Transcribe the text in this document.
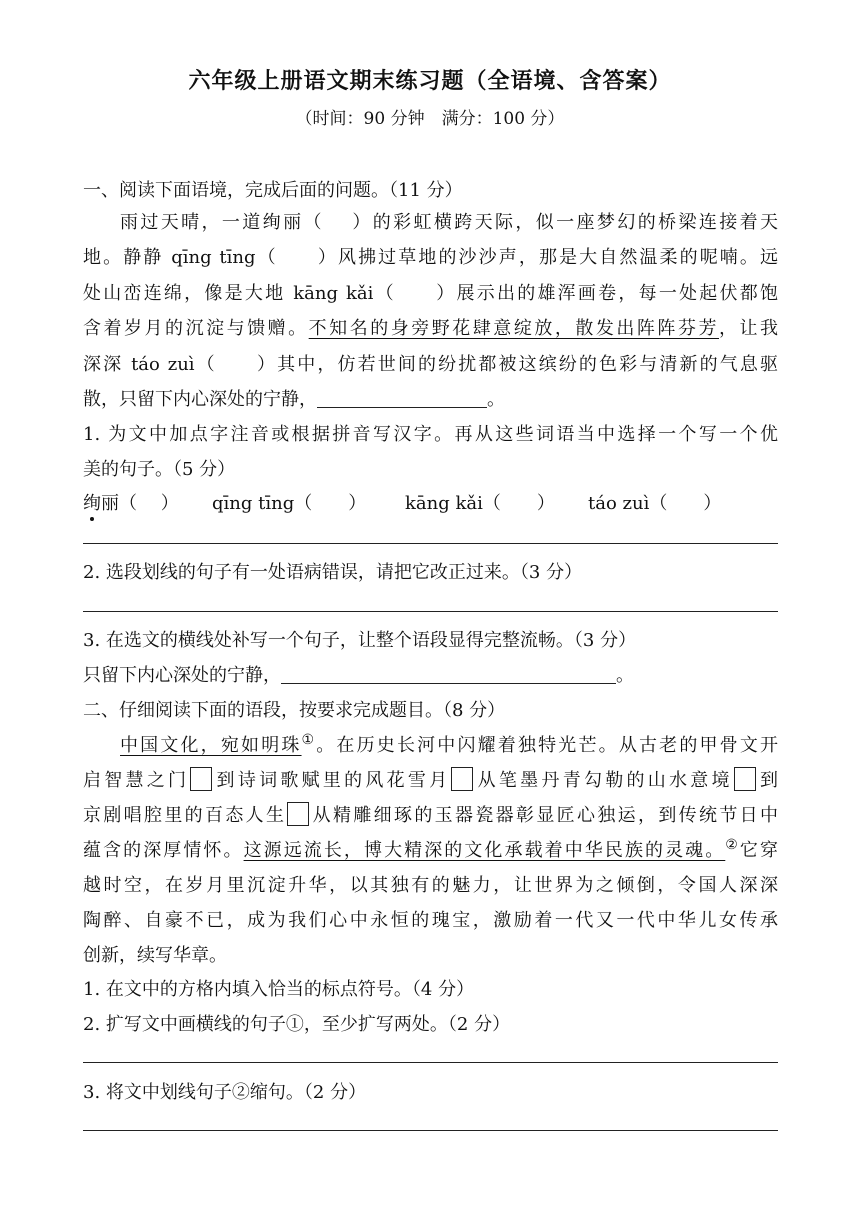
六年级上册语文期末练习题（全语境、含答案）
（时间：90 分钟　满分：100 分）
一、阅读下面语境，完成后面的问题。（11 分）
雨过天晴，一道绚丽（　 ）的彩虹横跨天际，似一座梦幻的桥梁连接着天
地。静静 qīng tīng（　　）风拂过草地的沙沙声，那是大自然温柔的呢喃。远
处山峦连绵，像是大地 kāng kǎi（　　）展示出的雄浑画卷，每一处起伏都饱
含着岁月的沉淀与馈赠。不知名的身旁野花肆意绽放，散发出阵阵芬芳，让我
深深 táo zuì（　　）其中，仿若世间的纷扰都被这缤纷的色彩与清新的气息驱
散，只留下内心深处的宁静，	。
1. 为文中加点字注音或根据拼音写汉字。再从这些词语当中选择一个写一个优
美的句子。（5 分）
绚丽（　 ） qīng tīng（　　） kāng kǎi（　　） táo zuì（　　）
2. 选段划线的句子有一处语病错误，请把它改正过来。（3 分）
3. 在选文的横线处补写一个句子，让整个语段显得完整流畅。（3 分）
只留下内心深处的宁静，	。
二、仔细阅读下面的语段，按要求完成题目。（8 分）
中国文化，宛如明珠①。在历史长河中闪耀着独特光芒。从古老的甲骨文开
启智慧之门 到诗词歌赋里的风花雪月 从笔墨丹青勾勒的山水意境 到
京剧唱腔里的百态人生 从精雕细琢的玉器瓷器彰显匠心独运，到传统节日中
蕴含的深厚情怀。这源远流长，博大精深的文化承载着中华民族的灵魂。②它穿
越时空，在岁月里沉淀升华，以其独有的魅力，让世界为之倾倒，令国人深深
陶醉、自豪不已，成为我们心中永恒的瑰宝，激励着一代又一代中华儿女传承
创新，续写华章。
1. 在文中的方格内填入恰当的标点符号。（4 分）
2. 扩写文中画横线的句子①，至少扩写两处。（2 分）
3. 将文中划线句子②缩句。（2 分）
